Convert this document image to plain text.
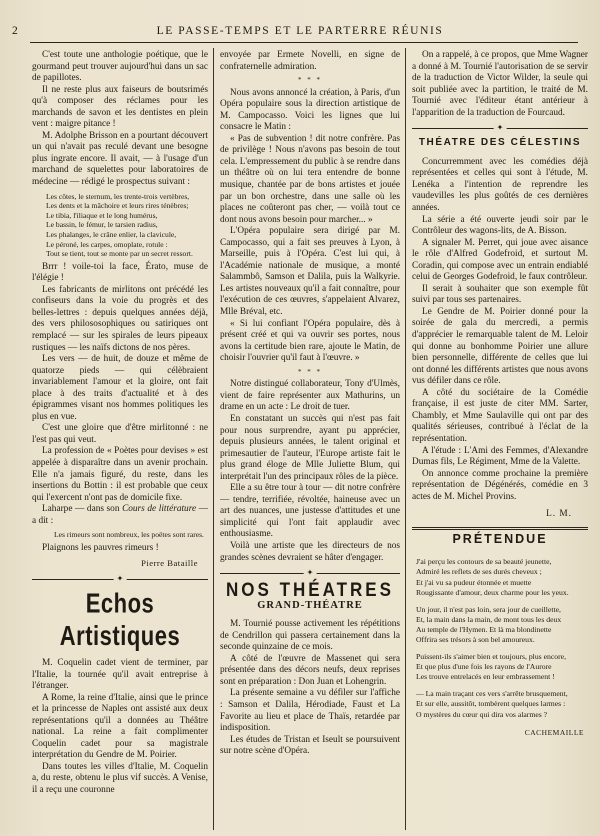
2	LE PASSE-TEMPS ET LE PARTERRE RÉUNIS

C'est toute une anthologie poétique, que le gourmand peut trouver aujourd'hui dans un sac de papillotes.

Il ne reste plus aux faiseurs de boutsrimés qu'à composer des réclames pour les marchands de savon et les dentistes en plein vent : maigre pitance !

M. Adolphe Brisson en a pourtant découvert un qui n'avait pas reculé devant une besogne plus ingrate encore. Il avait, — à l'usage d'un marchand de squelettes pour laboratoires de médecine — rédigé le prospectus suivant :

Les côtes, le sternum, les trente-trois vertèbres,
Les dents et la mâchoire et leurs rires ténèbres;
Le tibia, l'iliaque et le long humérus,
Le bassin, le fémur, le tarsien radius,
Les phalanges, le crâne enlier, la clavicule,
Le péroné, les carpes, omoplate, rotule :
Tout se tient, tout se monte par un secret ressort.

Brrr ! voile-toi la face, Érato, muse de l'élégie !

Les fabricants de mirlitons ont précédé les confiseurs dans la voie du progrès et des belles-lettres : depuis quelques années déjà, des vers philososophiques ou satiriques ont remplacé — sur les spirales de leurs pipeaux rustiques — les naïfs dictons de nos pères.

Les vers — de huit, de douze et même de quatorze pieds — qui célèbraient invariablement l'amour et la gloire, ont fait place à des traits d'actualité et à des épigrammes visant nos hommes politiques les plus en vue.

C'est une gloire que d'être mirlitonné : ne l'est pas qui veut.

La profession de « Poètes pour devises » est appelée à disparaître dans un avenir prochain. Elle n'a jamais figuré, du reste, dans les insertions du Bottin : il est probable que ceux qui l'exercent n'ont pas de domicile fixe.

Laharpe — dans son Cours de littérature — a dit :

Les rimeurs sont nombreux, les poëtes sont rares.

Plaignons les pauvres rimeurs !

Pierre Bataille
✦
Echos Artistiques

M. Coquelin cadet vient de terminer, par l'Italie, la tournée qu'il avait entreprise à l'étranger.

A Rome, la reine d'Italie, ainsi que le prince et la princesse de Naples ont assisté aux deux représentations qu'il a données au Théâtre national. La reine a fait complimenter Coquelin cadet pour sa magistrale interprétation du Gendre de M. Poirier.

Dans toutes les villes d'Italie, M. Coquelin a, du reste, obtenu le plus vif succès. A Venise, il a reçu une couronne

envoyée par Ermete Novelli, en signe de confraternelle admiration.

* * *

Nous avons annoncé la création, à Paris, d'un Opéra populaire sous la direction artistique de M. Campocasso. Voici les lignes que lui consacre le Matin :

« Pas de subvention ! dit notre confrère. Pas de privilège ! Nous n'avons pas besoin de tout cela. L'empressement du public à se rendre dans un théâtre où on lui tera entendre de bonne musique, chantée par de bons artistes et jouée par un bon orchestre, dans une salle où les places ne coûteront pas cher, — voilà tout ce dont nous avons besoin pour marcher... »

L'Opéra populaire sera dirigé par M. Campocasso, qui a fait ses preuves à Lyon, à Marseille, puis à l'Opéra. C'est lui qui, à l'Académie nationale de musique, a monté Salammbô, Samson et Dalila, puis la Walkyrie. Les artistes nouveaux qu'il a fait connaître, pour l'exécution de ces œuvres, s'appelaient Alvarez, Mlle Bréval, etc.

« Si lui confiant l'Opéra populaire, dès à présent créé et qui va ouvrir ses portes, nous avons la certitude bien rare, ajoute le Matin, de choisir l'ouvrier qu'il faut à l'œuvre. »

* * *

Notre distingué collaborateur, Tony d'Ulmès, vient de faire représenter aux Mathurins, un drame en un acte : Le droit de tuer.

En constatant un succès qui n'est pas fait pour nous surprendre, ayant pu apprécier, depuis plusieurs années, le talent original et primesautier de l'auteur, l'Europe artiste fait le plus grand éloge de Mlle Juliette Blum, qui interprétait l'un des principaux rôles de la pièce.

Elle a su être tour à tour — dit notre confrère — tendre, terrifiée, révoltée, haineuse avec un art des nuances, une justesse d'attitudes et une simplicité qui l'ont fait applaudir avec enthousiasme.

Voilà une artiste que les directeurs de nos grandes scènes devraient se hâter d'engager.

✦
NOS THÉATRES
GRAND-THÉATRE

M. Tournié pousse activement les répétitions de Cendrillon qui passera certainement dans la seconde quinzaine de ce mois.

A côté de l'œuvre de Massenet qui sera présentée dans des décors neufs, deux reprises sont en préparation : Don Juan et Lohengrin.

La présente semaine a vu défiler sur l'affiche : Samson et Dalila, Hérodiade, Faust et La Favorite au lieu et place de Thaïs, retardée par indisposition.

Les études de Tristan et Iseult se poursuivent sur notre scène d'Opéra.

On a rappelé, à ce propos, que Mme Wagner a donné à M. Tournié l'autorisation de se servir de la traduction de Victor Wilder, la seule qui soit publiée avec la partition, le traité de M. Tournié avec l'éditeur étant antérieur à l'apparition de la traduction de Fourcaud.

✦
THÉATRE DES CÉLESTINS

Concurremment avec les comédies déjà représentées et celles qui sont à l'étude, M. Lenéka a l'intention de reprendre les vaudevilles les plus goûtés de ces dernières années.

La série a été ouverte jeudi soir par le Contrôleur des wagons-lits, de A. Bisson.

A signaler M. Perret, qui joue avec aisance le rôle d'Alfred Godefroid, et surtout M. Coradin, qui compose avec un entrain endiablé celui de Georges Godefroid, le faux contrôleur.

Il serait à souhaiter que son exemple fût suivi par tous ses partenaires.

Le Gendre de M. Poirier donné pour la soirée de gala du mercredi, a permis d'apprécier le remarquable talent de M. Leloir qui donne au bonhomme Poirier une allure bien personnelle, différente de celles que lui ont donné les différents artistes que nous avons vus défiler dans ce rôle.

A côté du sociétaire de la Comédie française, il est juste de citer MM. Sarter, Chambly, et Mme Saulaville qui ont par des qualités sérieuses, contribué à l'éclat de la représentation.

A l'étude : L'Ami des Femmes, d'Alexandre Dumas fils, Le Régiment, Mme de la Valette.

On annonce comme prochaine la première représentation de Dégénérés, comédie en 3 actes de M. Michel Provins.

L. M.
PRÉTENDUE
J'ai perçu les contours de sa beauté jeunette,
Admiré les reflets de ses durés cheveux ;
Et j'ai vu sa pudeur étonnée et muette
Rougissante d'amour, deux charme pour les yeux.
Un jour, il n'est pas loin, sera jour de cueillette,
Et, la main dans la main, de mont tous les deux
Au temple de l'Hymen. Et là ma blondinette
Offrira ses trésors à son bel amoureux.
Puissent-ils s'aimer bien et toujours, plus encore,
Et que plus d'une fois les rayons de l'Aurore
Les trouve entrelacés en leur embrassement !
— La main traçant ces vers s'arrête brusquement,
Et sur elle, aussitôt, tombèrent quelques larmes :
O mystères du cœur qui dira vos alarmes ?
CACHEMAILLE
